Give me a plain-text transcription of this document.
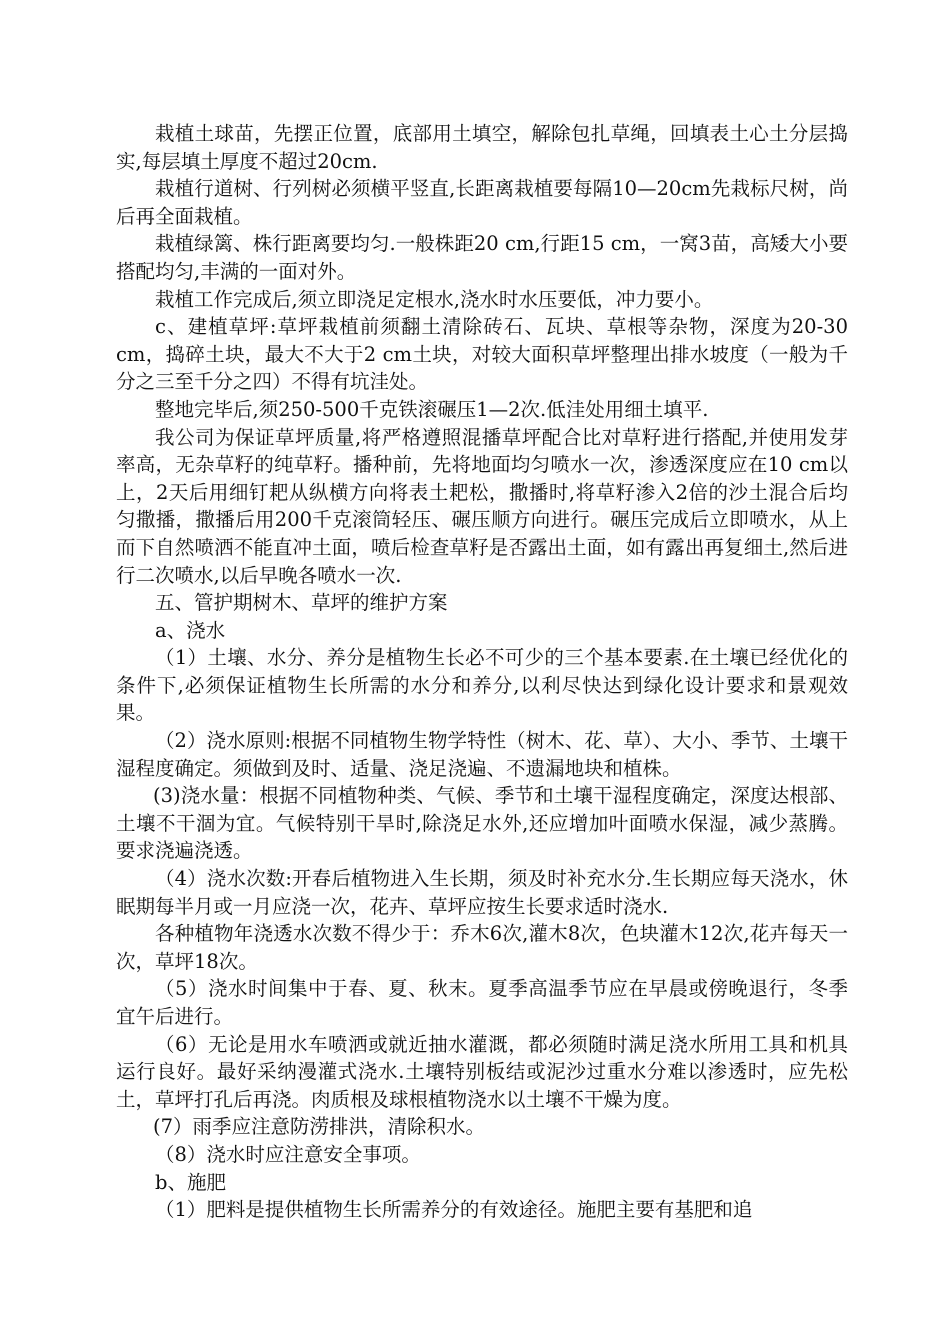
栽植土球苗，先摆正位置，底部用土填空，解除包扎草绳，回填表土心土分层捣实,每层填土厚度不超过20cm.

栽植行道树、行列树必须横平竖直,长距离栽植要每隔10—20cm先栽标尺树，尚后再全面栽植。

栽植绿篱、株行距离要均匀.一般株距20 cm,行距15 cm，一窝3苗，高矮大小要搭配均匀,丰满的一面对外。

栽植工作完成后,须立即浇足定根水,浇水时水压要低，冲力要小。

c、建植草坪:草坪栽植前须翻土清除砖石、瓦块、草根等杂物，深度为20-30 cm，捣碎土块，最大不大于2 cm土块，对较大面积草坪整理出排水坡度（一般为千分之三至千分之四）不得有坑洼处。

整地完毕后,须250-500千克铁滚碾压1—2次.低洼处用细土填平.

我公司为保证草坪质量,将严格遵照混播草坪配合比对草籽进行搭配,并使用发芽率高，无杂草籽的纯草籽。播种前，先将地面均匀喷水一次，渗透深度应在10 cm以上，2天后用细钉耙从纵横方向将表土耙松，撒播时,将草籽渗入2倍的沙土混合后均匀撒播，撒播后用200千克滚筒轻压、碾压顺方向进行。碾压完成后立即喷水，从上而下自然喷洒不能直冲土面，喷后检查草籽是否露出土面，如有露出再复细土,然后进行二次喷水,以后早晚各喷水一次.

五、管护期树木、草坪的维护方案

a、浇水

（1）土壤、水分、养分是植物生长必不可少的三个基本要素.在土壤已经优化的条件下,必须保证植物生长所需的水分和养分,以利尽快达到绿化设计要求和景观效果。

（2）浇水原则:根据不同植物生物学特性（树木、花、草）、大小、季节、土壤干湿程度确定。须做到及时、适量、浇足浇遍、不遗漏地块和植株。

(3)浇水量：根据不同植物种类、气候、季节和土壤干湿程度确定，深度达根部、土壤不干涸为宜。气候特别干旱时,除浇足水外,还应增加叶面喷水保湿，减少蒸腾。要求浇遍浇透。

（4）浇水次数:开春后植物进入生长期，须及时补充水分.生长期应每天浇水，休眠期每半月或一月应浇一次，花卉、草坪应按生长要求适时浇水.

各种植物年浇透水次数不得少于：乔木6次,灌木8次，色块灌木12次,花卉每天一次，草坪18次。

（5）浇水时间集中于春、夏、秋末。夏季高温季节应在早晨或傍晚退行，冬季宜午后进行。

（6）无论是用水车喷洒或就近抽水灌溉，都必须随时满足浇水所用工具和机具运行良好。最好采纳漫灌式浇水.土壤特别板结或泥沙过重水分难以渗透时，应先松土，草坪打孔后再浇。肉质根及球根植物浇水以土壤不干燥为度。

(7）雨季应注意防涝排洪，清除积水。

（8）浇水时应注意安全事项。

b、施肥

（1）肥料是提供植物生长所需养分的有效途径。施肥主要有基肥和追
